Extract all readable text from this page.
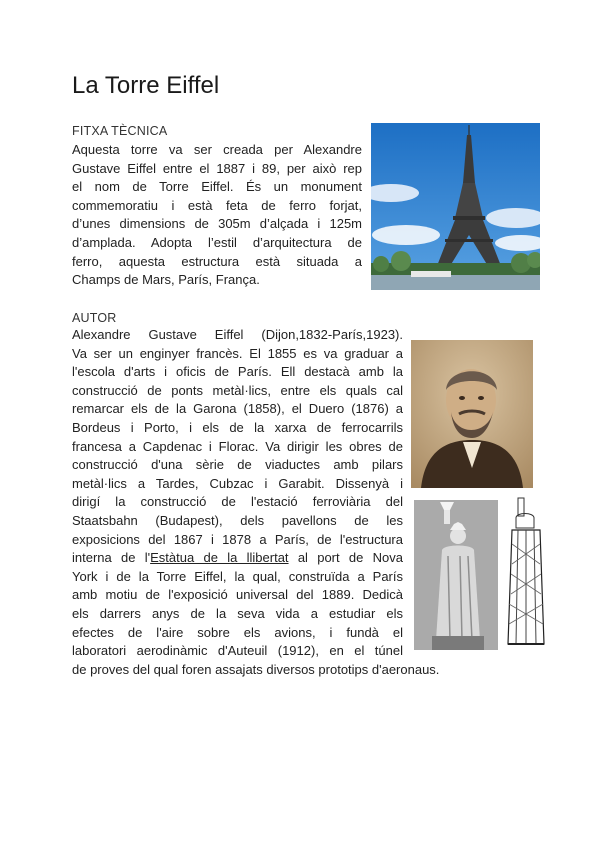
La Torre Eiffel
FITXA TÈCNICA
Aquesta torre va ser creada per Alexandre
Gustave Eiffel entre el 1887 i 89, per això rep
el nom de Torre Eiffel. És un monument
commemoratiu i està feta de ferro forjat,
d’unes dimensions de 305m d’alçada i 125m
d’amplada. Adopta l’estil d’arquitectura de
ferro, aquesta estructura està situada a
Champs de Mars, París, França.
AUTOR
Alexandre Gustave Eiffel (Dijon,1832-París,1923).
Va ser un enginyer francès. El 1855 es va graduar a
l'escola d'arts i oficis de París. Ell destacà amb la
construcció de ponts metàl·lics, entre els quals cal
remarcar els de la Garona (1858), el Duero (1876) a
Bordeus i Porto, i els de la xarxa de ferrocarrils
francesa a Capdenac i Florac. Va dirigir les obres de
construcció d'una sèrie de viaductes amb pilars
metàl·lics a Tardes, Cubzac i Garabit. Dissenyà i
dirigí la construcció de l'estació ferroviària del
Staatsbahn (Budapest), dels pavellons de les
exposicions del 1867 i 1878 a París, de l'estructura
interna de l'Estàtua de la llibertat al port de Nova
York i de la Torre Eiffel, la qual, construïda a París
amb motiu de l'exposició universal del 1889. Dedicà
els darrers anys de la seva vida a estudiar els
efectes de l'aire sobre els avions, i fundà el
laboratori aerodinàmic d'Auteuil (1912), en el túnel
de proves del qual foren assajats diversos prototips d'aeronaus.
